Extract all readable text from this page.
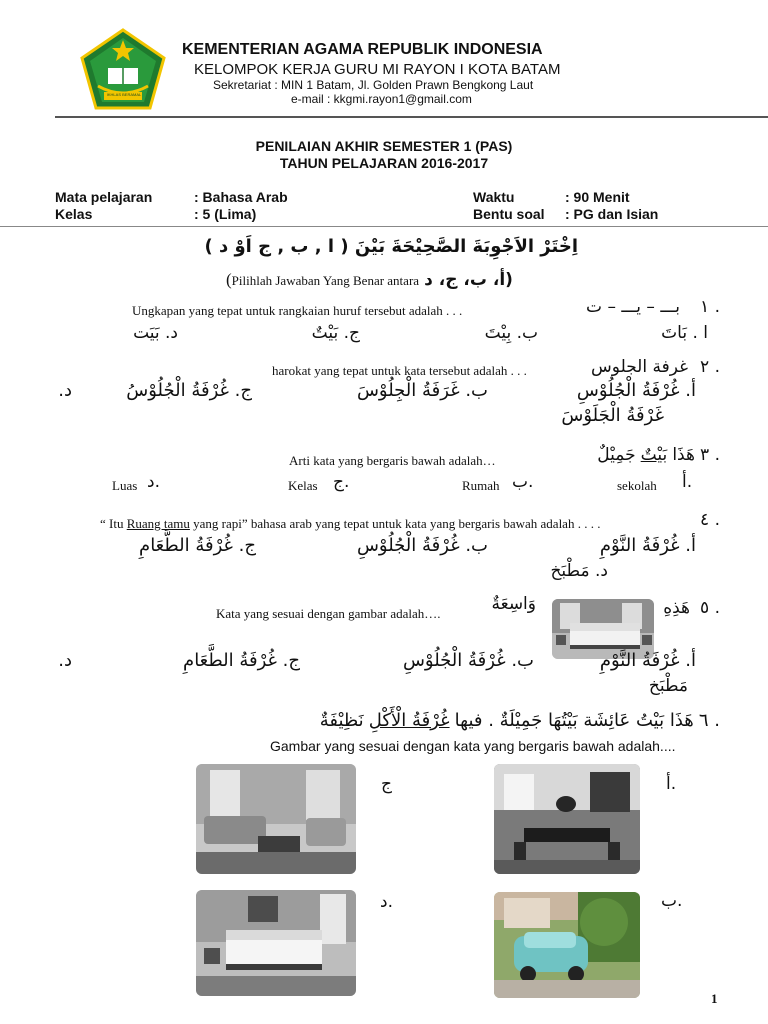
IKHLAS BERAMAL
KEMENTERIAN AGAMA REPUBLIK INDONESIA
KELOMPOK KERJA GURU MI RAYON I KOTA BATAM
Sekretariat : MIN 1 Batam, Jl. Golden Prawn Bengkong Laut
e-mail : kkgmi.rayon1@gmail.com
PENILAIAN AKHIR SEMESTER 1 (PAS)
TAHUN PELAJARAN 2016-2017
Mata pelajaran	: Bahasa Arab
Kelas	: 5 (Lima)
Waktu	: 90 Menit
Bentu soal : PG dan Isian
اِخْتَرْ الاَجْوِبَةَ الصَّحِيْحَةَ بَيْنَ ( ا , ب , ج اَوْ د )
(Pilihlah Jawaban Yang Benar antara (أ، ب، ج، د
١ .
بـــ – يـــ – ت
Ungkapan yang tepat untuk rangkaian huruf tersebut adalah . . .
ا . بَاتَ
ب. بِيْتَ
ج. بَيْتٌ
د. بَيَت
٢ .
غرفة الجلوس
harokat yang tepat untuk kata tersebut adalah . . .
أ. غُرْفَةُ الْجُلُوْسِ
ب. غَرَفَةُ الْجِلُوْسَ
ج. غُرْفَةُ الْجُلُوْسُ
د.
غَرْفَةُ الْجَلَوْسَ
٣ . هَذَا بَيْتٌ جَمِيْلٌ
Arti kata yang bergaris bawah adalah…
أ.
sekolah
ب.
Rumah
ج.
Kelas
د.
Luas
٤ .
“ Itu Ruang tamu yang rapi” bahasa arab yang tepat untuk kata yang bergaris bawah adalah . . . .
أ. غُرْفَةُ النَّوْمِ
ب. غُرْفَةُ الْجُلُوْسِ
ج. غُرْفَةُ الطَّعَامِ
د. مَطْبَخ
٥ .
هَذِهِ
وَاسِعَةٌ
Kata yang sesuai dengan gambar adalah….
أ. غُرْفَةُ النَّوْمِ
ب. غُرْفَةُ الْجُلُوْسِ
ج. غُرْفَةُ الطَّعَامِ
د.
مَطْبَخ
٦ . هَذَا بَيْتُ عَائِشَة بَيْتُهَا جَمِيْلَةٌ . فيها غُرْفَةُ الْأَكْلِ نَظِيْفَةٌ
Gambar yang sesuai dengan kata yang bergaris bawah adalah....
ج	أ.
د.	ب.
1
